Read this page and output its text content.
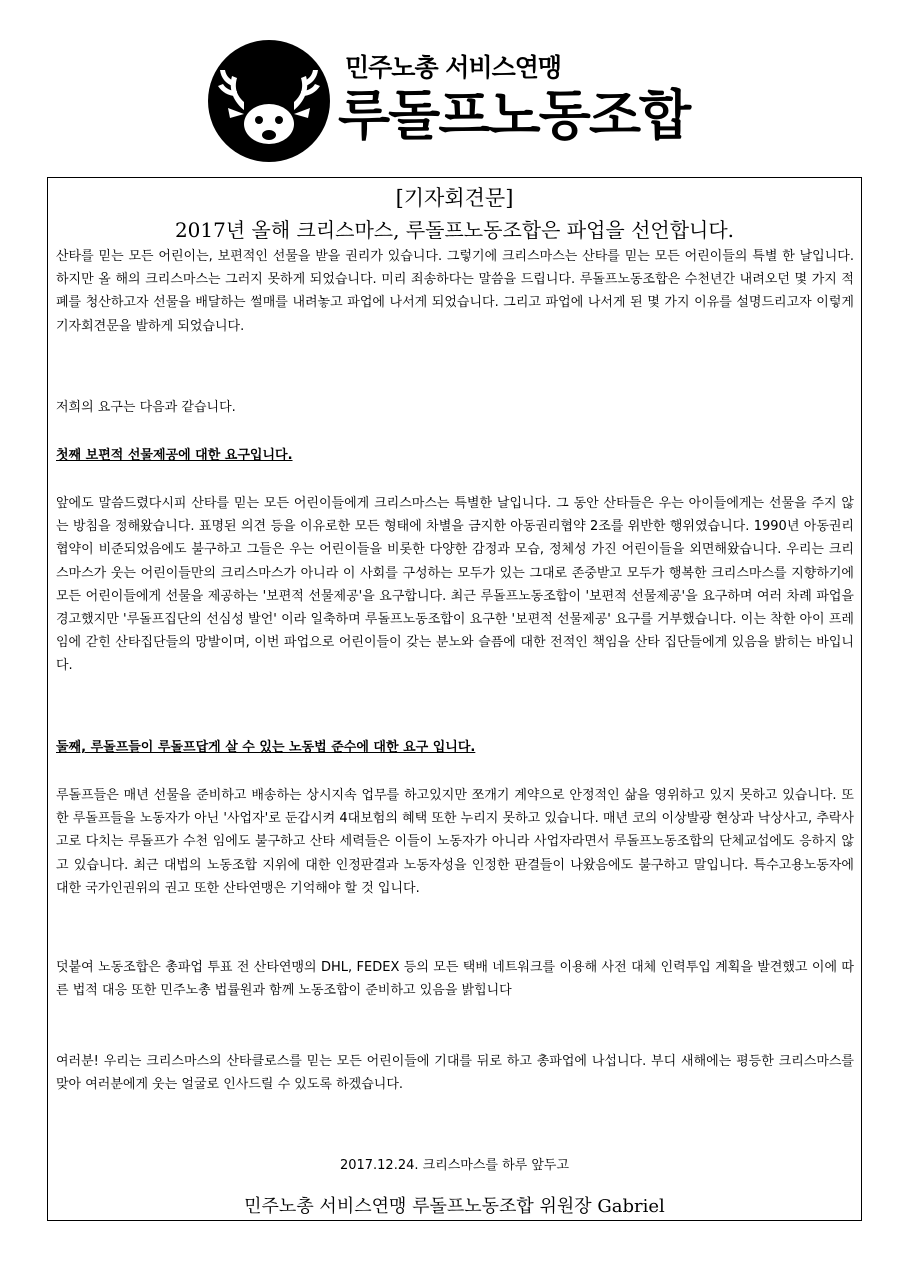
민주노총 서비스연맹
루돌프노동조합
[기자회견문]
2017년 올해 크리스마스, 루돌프노동조합은 파업을 선언합니다.

산타를 믿는 모든 어린이는, 보편적인 선물을 받을 권리가 있습니다. 그렇기에 크리스마스는 산타를 믿는 모든 어린이들의 특별 한 날입니다. 하지만 올 해의 크리스마스는 그러지 못하게 되었습니다. 미리 죄송하다는 말씀을 드립니다. 루돌프노동조합은 수천년간 내려오던 몇 가지 적폐를 청산하고자 선물을 배달하는 썰매를 내려놓고 파업에 나서게 되었습니다. 그리고 파업에 나서게 된 몇 가지 이유를 설명드리고자 이렇게 기자회견문을 발하게 되었습니다.

저희의 요구는 다음과 같습니다.

첫째 보편적 선물제공에 대한 요구입니다.

앞에도 말씀드렸다시피 산타를 믿는 모든 어린이들에게 크리스마스는 특별한 날입니다. 그 동안 산타들은 우는 아이들에게는 선물을 주지 않는 방침을 정해왔습니다. 표명된 의견 등을 이유로한 모든 형태에 차별을 금지한 아동권리협약 2조를 위반한 행위였습니다. 1990년 아동권리협약이 비준되었음에도 불구하고 그들은 우는 어린이들을 비롯한 다양한 감정과 모습, 정체성 가진 어린이들을 외면해왔습니다. 우리는 크리스마스가 웃는 어린이들만의 크리스마스가 아니라 이 사회를 구성하는 모두가 있는 그대로 존중받고 모두가 행복한 크리스마스를 지향하기에 모든 어린이들에게 선물을 제공하는 '보편적 선물제공'을 요구합니다. 최근 루돌프노동조합이 '보편적 선물제공'을 요구하며 여러 차례 파업을 경고했지만 '루돌프집단의 선심성 발언' 이라 일축하며 루돌프노동조합이 요구한 '보편적 선물제공' 요구를 거부했습니다. 이는 착한 아이 프레임에 갇힌 산타집단들의 망발이며, 이번 파업으로 어린이들이 갖는 분노와 슬픔에 대한 전적인 책임을 산타 집단들에게 있음을 밝히는 바입니다.

둘째, 루돌프들이 루돌프답게 살 수 있는 노동법 준수에 대한 요구 입니다.

루돌프들은 매년 선물을 준비하고 배송하는 상시지속 업무를 하고있지만 쪼개기 계약으로 안정적인 삶을 영위하고 있지 못하고 있습니다. 또한 루돌프들을 노동자가 아닌 '사업자'로 둔갑시켜 4대보험의 혜택 또한 누리지 못하고 있습니다. 매년 코의 이상발광 현상과 낙상사고, 추락사고로 다치는 루돌프가 수천 임에도 불구하고 산타 세력들은 이들이 노동자가 아니라 사업자라면서 루돌프노동조합의 단체교섭에도 응하지 않고 있습니다. 최근 대법의 노동조합 지위에 대한 인정판결과 노동자성을 인정한 판결들이 나왔음에도 불구하고 말입니다. 특수고용노동자에 대한 국가인권위의 권고 또한 산타연맹은 기억해야 할 것 입니다.

덧붙여 노동조합은 총파업 투표 전 산타연맹의 DHL, FEDEX 등의 모든 택배 네트워크를 이용해 사전 대체 인력투입 계획을 발견했고 이에 따른 법적 대응 또한 민주노총 법률원과 함께 노동조합이 준비하고 있음을 밝힙니다

여러분! 우리는 크리스마스의 산타클로스를 믿는 모든 어린이들에 기대를 뒤로 하고 총파업에 나섭니다. 부디 새해에는 평등한 크리스마스를 맞아 여러분에게 웃는 얼굴로 인사드릴 수 있도록 하겠습니다.

2017.12.24. 크리스마스를 하루 앞두고
민주노총 서비스연맹 루돌프노동조합 위원장 Gabriel
